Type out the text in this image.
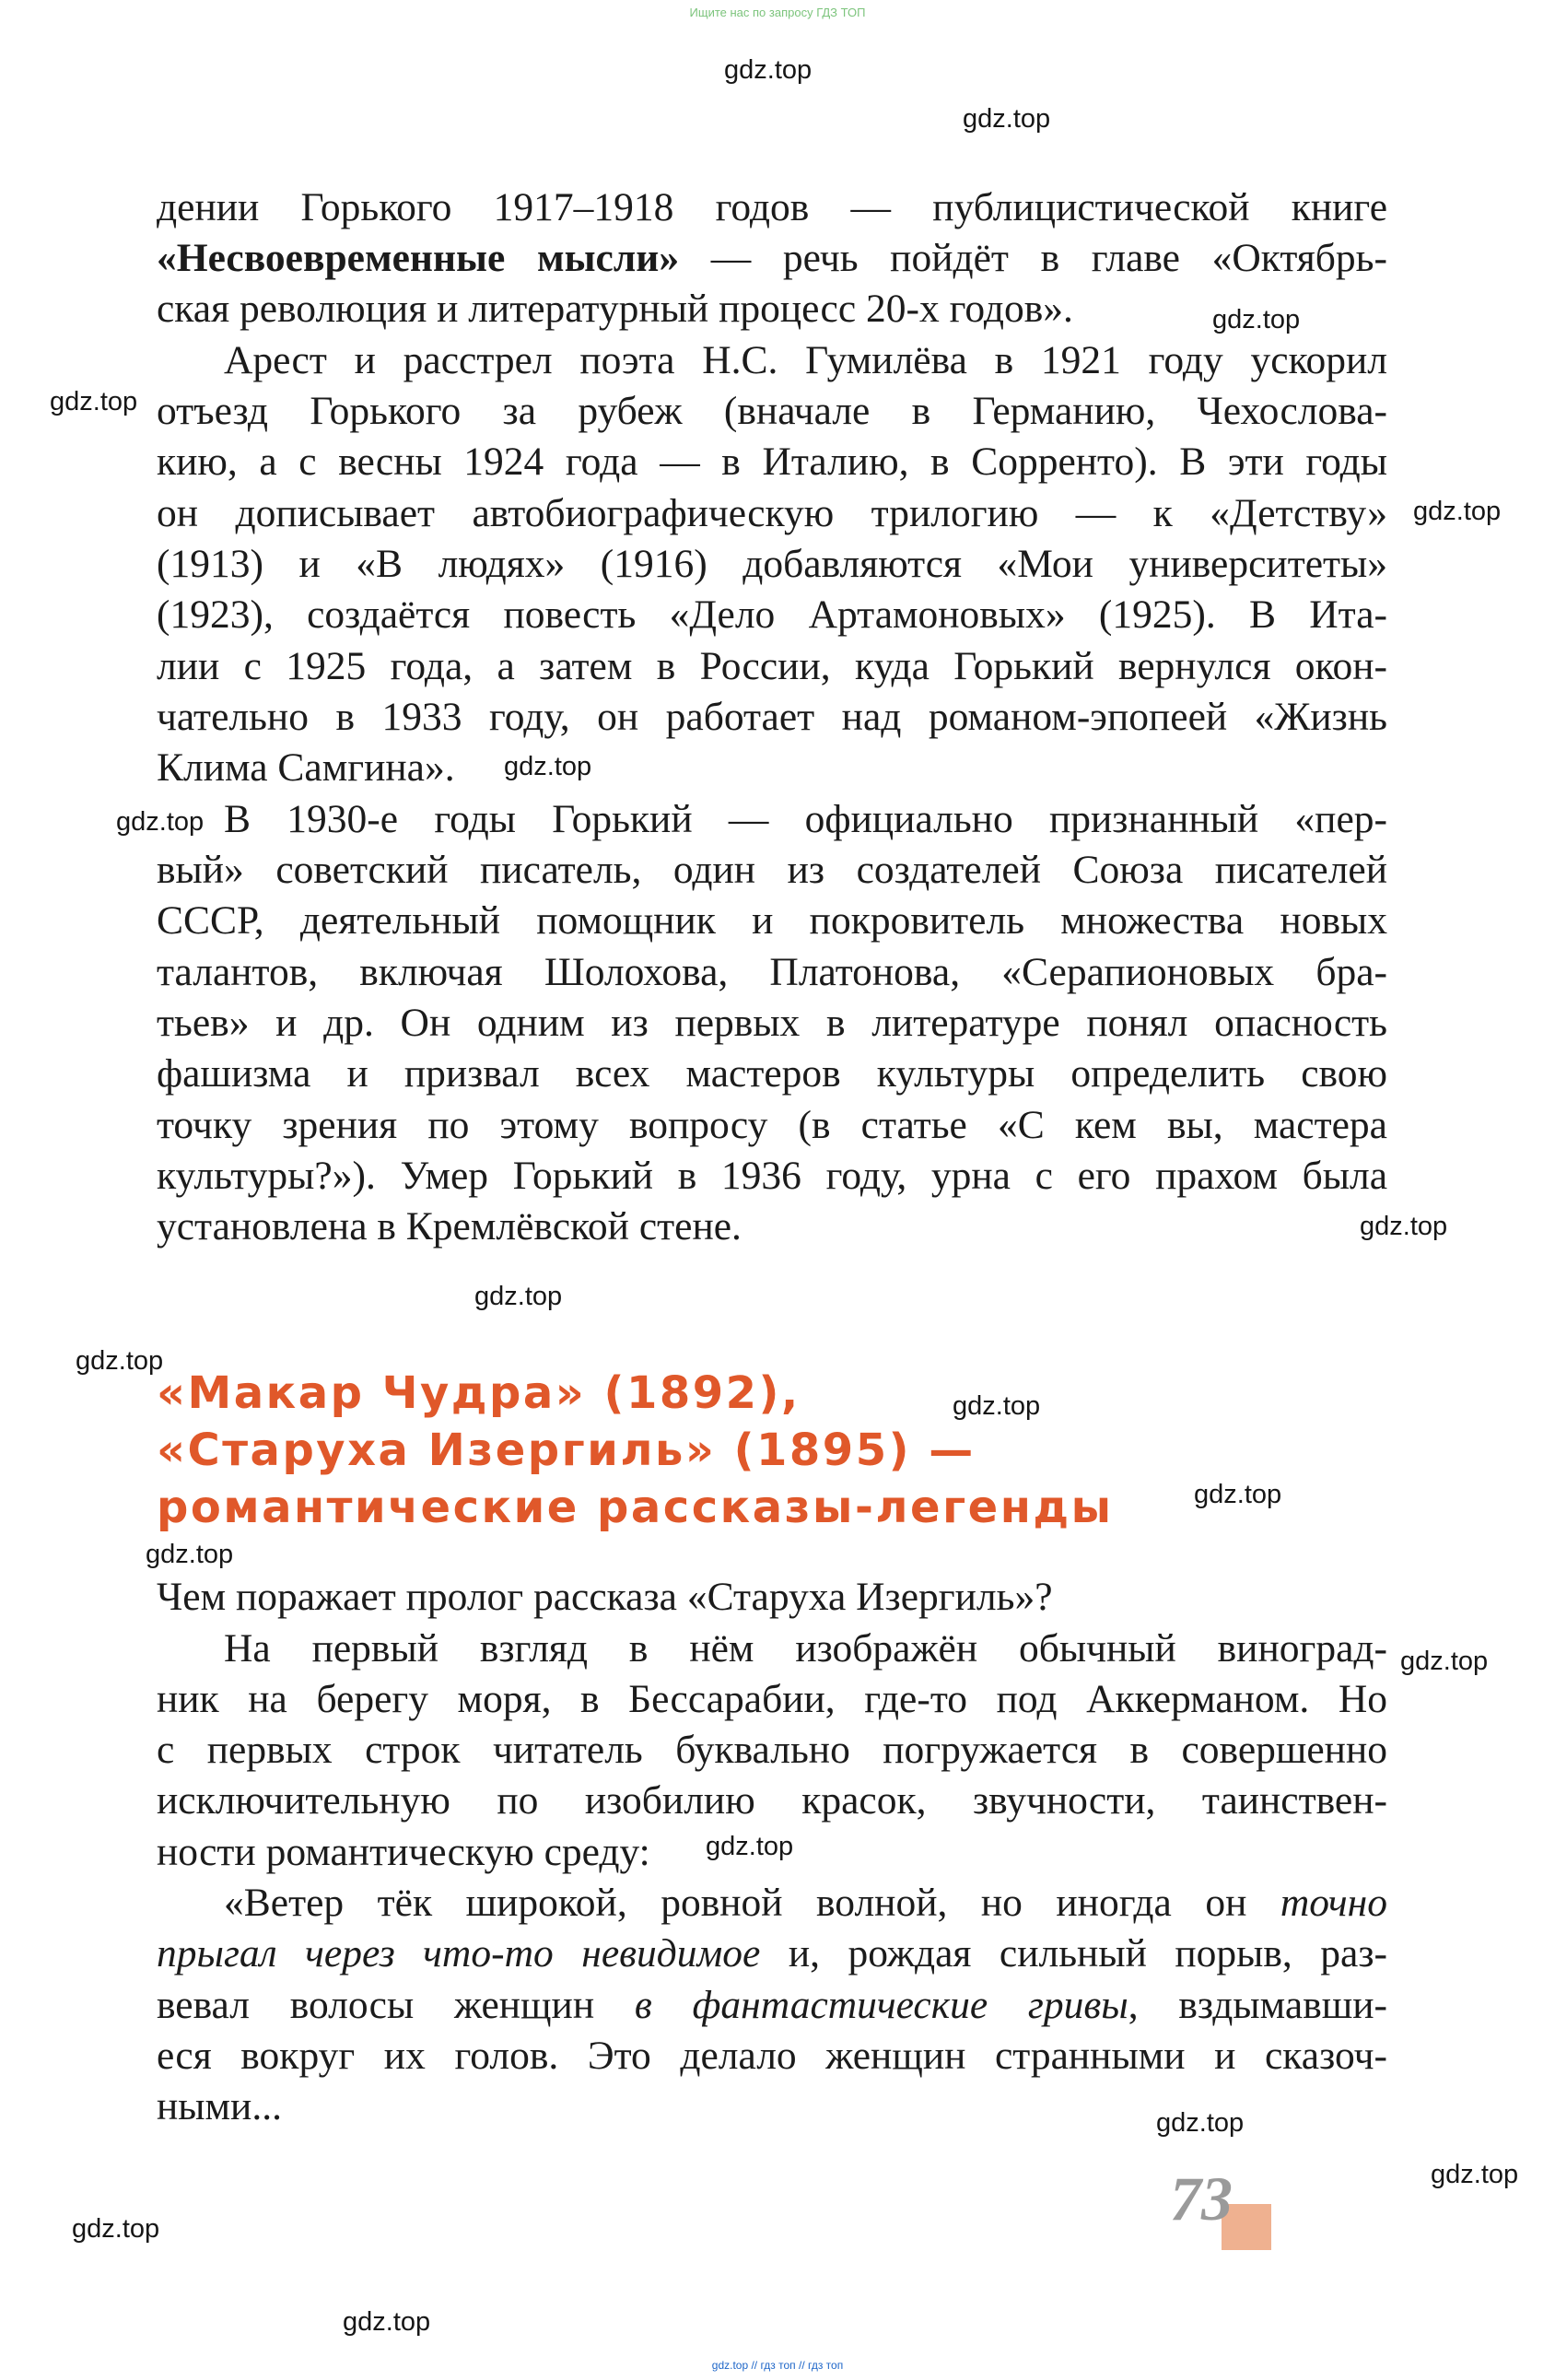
Ищите нас по запросу ГДЗ ТОП
дении Горького 1917–1918 годов — публицистической книге
«Несвоевременные мысли» — речь пойдёт в главе «Октябрь-
ская революция и литературный процесс 20-х годов».
Арест и расстрел поэта Н.С. Гумилёва в 1921 году ускорил
отъезд Горького за рубеж (вначале в Германию, Чехослова-
кию, а с весны 1924 года — в Италию, в Сорренто). В эти годы
он дописывает автобиографическую трилогию — к «Детству»
(1913) и «В людях» (1916) добавляются «Мои университеты»
(1923), создаётся повесть «Дело Артамоновых» (1925). В Ита-
лии с 1925 года, а затем в России, куда Горький вернулся окон-
чательно в 1933 году, он работает над романом-эпопеей «Жизнь
Клима Самгина».
В 1930-е годы Горький — официально признанный «пер-
вый» советский писатель, один из создателей Союза писателей
СССР, деятельный помощник и покровитель множества новых
талантов, включая Шолохова, Платонова, «Серапионовых бра-
тьев» и др. Он одним из первых в литературе понял опасность
фашизма и призвал всех мастеров культуры определить свою
точку зрения по этому вопросу (в статье «С кем вы, мастера
культуры?»). Умер Горький в 1936 году, урна с его прахом была
установлена в Кремлёвской стене.
«Макар Чудра» (1892),
«Старуха Изергиль» (1895) —
романтические рассказы-легенды
Чем поражает пролог рассказа «Старуха Изергиль»?
На первый взгляд в нём изображён обычный виноград-
ник на берегу моря, в Бессарабии, где-то под Аккерманом. Но
с первых строк читатель буквально погружается в совершенно
исключительную по изобилию красок, звучности, таинствен-
ности романтическую среду:
«Ветер тёк широкой, ровной волной, но иногда он точно
прыгал через что-то невидимое и, рождая сильный порыв, раз-
вевал волосы женщин в фантастические гривы, вздымавши-
еся вокруг их голов. Это делало женщин странными и сказоч-
ными...
73
gdz.top
gdz.top
gdz.top
gdz.top
gdz.top
gdz.top
gdz.top
gdz.top
gdz.top
gdz.top
gdz.top
gdz.top
gdz.top
gdz.top
gdz.top
gdz.top
gdz.top
gdz.top
gdz.top
gdz.top // гдз топ // гдз топ
